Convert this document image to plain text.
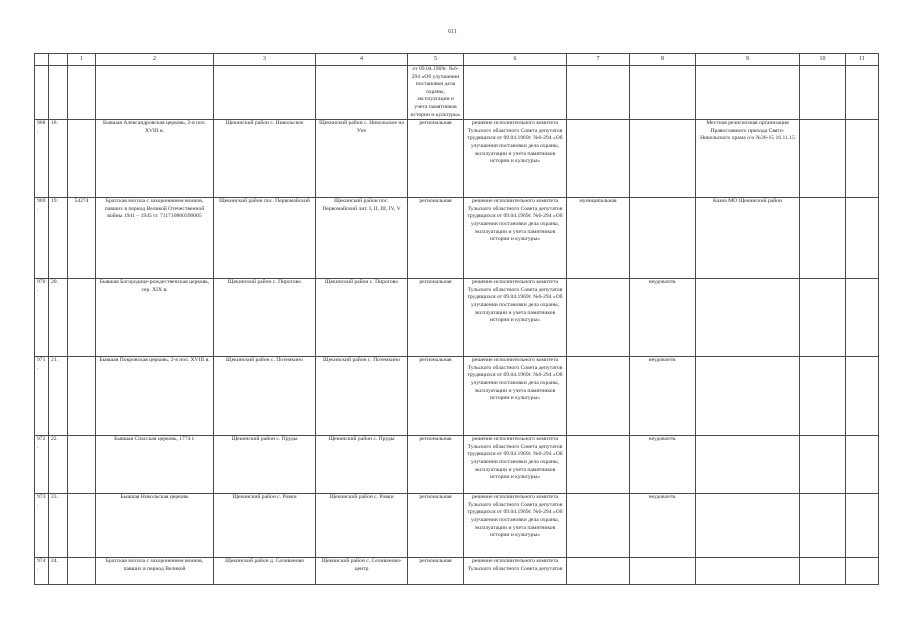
611
		1	2	3	4	5	6	7	8	9	10	11
						от 09.04.1969г. №6-294 «Об улучшении постановки дела охраны, эксплуатации и учета памятников истории и культуры»						
968.	18.		Бывшая Александровская церковь, 2-я пол. XVIII в.	Щекинский район с. Никольское	Щекинский район с. Никольское на Упе	региональная	решение исполнительного комитета Тульского областного Совета депутатов трудящихся от 09.04.1969г. №6-294 «Об улучшении постановки дела охраны, эксплуатации и учета памятников истории и культуры»			Местная религиозная организация Православного прихода Свято-Никольского храма о/о №36-15 16.11.15		
969.	19.	54274	Братская могила с захоронением воинов, павших в период Великой Отечественной войны 1941 – 1945 гг. 711710860390005	Щекинский район пос. Первомайский	Щекинский район пос. Первомайский лит. I, II, III, IV, V	региональная	решение исполнительного комитета Тульского областного Совета депутатов трудящихся от 09.04.1969г. №6-294 «Об улучшении постановки дела охраны, эксплуатации и учета памятников истории и культуры»	муниципальная		Казна МО Щекинский район		
970.	20.		Бывшая Богородице-рождественская церковь, сер. XIX в.	Щекинский район с. Пирогово	Щекинский район с. Пирогово	региональная	решение исполнительного комитета Тульского областного Совета депутатов трудящихся от 09.04.1969г. №6-294 «Об улучшении постановки дела охраны, эксплуатации и учета памятников истории и культуры»		неудовлетв.			
971.	21.		Бывшая Покровская церковь, 2-я пол. XVIII в.	Щекинский район с. Потемкино	Щекинский район с. Потемкино	региональная	решение исполнительного комитета Тульского областного Совета депутатов трудящихся от 09.04.1969г. №6-294 «Об улучшении постановки дела охраны, эксплуатации и учета памятников истории и культуры»		неудовлетв.			
972.	22.		Бывшая Спасская церковь, 1774 г.	Щекинский район с. Пруды	Щекинский район с. Пруды	региональная	решение исполнительного комитета Тульского областного Совета депутатов трудящихся от 09.04.1969г. №6-294 «Об улучшении постановки дела охраны, эксплуатации и учета памятников истории и культуры»		неудовлетв.			
973.	23.		Бывшая Никольская церковь	Щекинский район с. Ровки	Щекинский район с. Ровки	региональная	решение исполнительного комитета Тульского областного Совета депутатов трудящихся от 09.04.1969г. №6-294 «Об улучшении постановки дела охраны, эксплуатации и учета памятников истории и культуры»		неудовлетв.			
974.	24.		Братская могила с захоронением воинов, павших в период Великой	Щекинский район д. Селиваново	Щекинский район с. Селиваново-центр	региональная	решение исполнительного комитета Тульского областного Совета депутатов					
